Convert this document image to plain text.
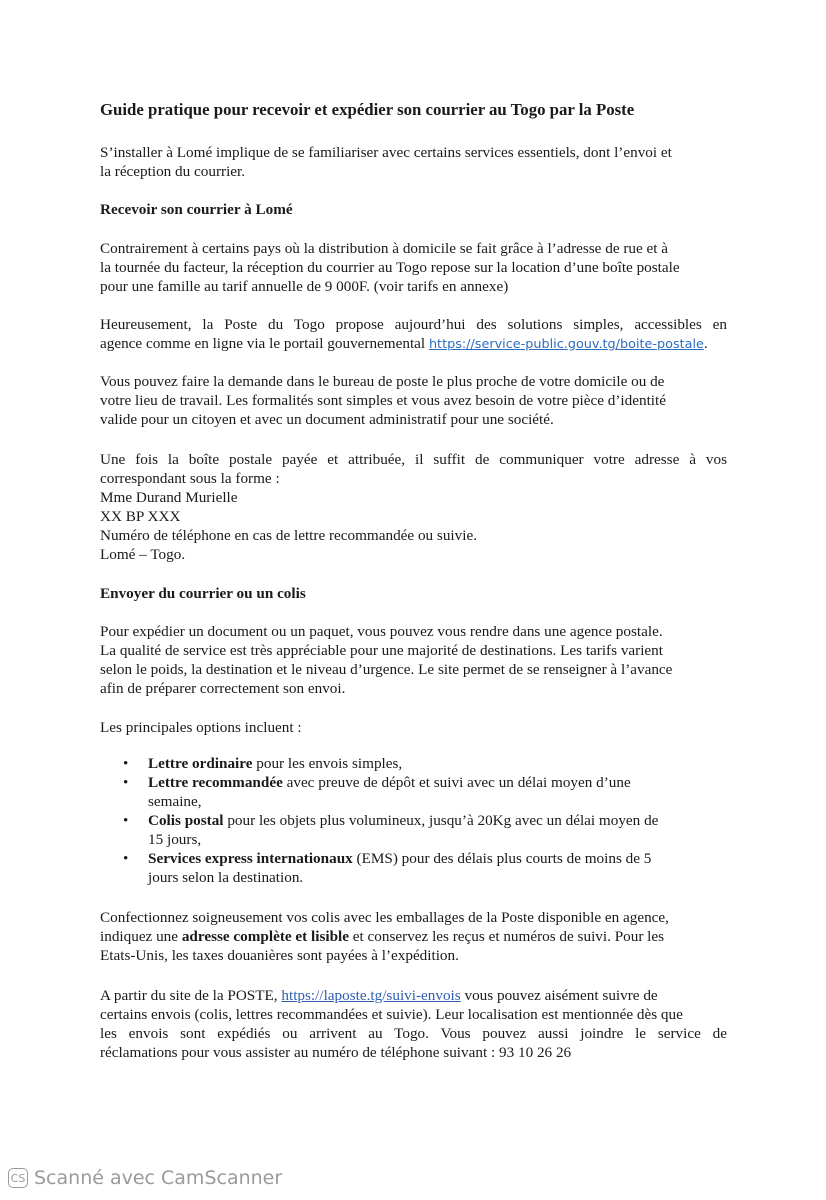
Guide pratique pour recevoir et expédier son courrier au Togo par la Poste

S’installer à Lomé implique de se familiariser avec certains services essentiels, dont l’envoi et
la réception du courrier.

Recevoir son courrier à Lomé

Contrairement à certains pays où la distribution à domicile se fait grâce à l’adresse de rue et à
la tournée du facteur, la réception du courrier au Togo repose sur la location d’une boîte postale
pour une famille au tarif annuelle de 9 000F. (voir tarifs en annexe)

Heureusement, la Poste du Togo propose aujourd’hui des solutions simples, accessibles en
agence comme en ligne via le portail gouvernemental https://service-public.gouv.tg/boite-postale.

Vous pouvez faire la demande dans le bureau de poste le plus proche de votre domicile ou de
votre lieu de travail. Les formalités sont simples et vous avez besoin de votre pièce d’identité
valide pour un citoyen et avec un document administratif pour une société.

Une fois la boîte postale payée et attribuée, il suffit de communiquer votre adresse à vos
correspondant sous la forme :
Mme Durand Murielle
XX BP XXX
Numéro de téléphone en cas de lettre recommandée ou suivie.
Lomé – Togo.

Envoyer du courrier ou un colis

Pour expédier un document ou un paquet, vous pouvez vous rendre dans une agence postale.
La qualité de service est très appréciable pour une majorité de destinations. Les tarifs varient
selon le poids, la destination et le niveau d’urgence. Le site permet de se renseigner à l’avance
afin de préparer correctement son envoi.

Les principales options incluent :

• Lettre ordinaire pour les envois simples,
• Lettre recommandée avec preuve de dépôt et suivi avec un délai moyen d’une
semaine,
• Colis postal pour les objets plus volumineux, jusqu’à 20Kg avec un délai moyen de
15 jours,
• Services express internationaux (EMS) pour des délais plus courts de moins de 5
jours selon la destination.

Confectionnez soigneusement vos colis avec les emballages de la Poste disponible en agence,
indiquez une adresse complète et lisible et conservez les reçus et numéros de suivi. Pour les
Etats-Unis, les taxes douanières sont payées à l’expédition.

A partir du site de la POSTE, https://laposte.tg/suivi-envois vous pouvez aisément suivre de
certains envois (colis, lettres recommandées et suivie). Leur localisation est mentionnée dès que
les envois sont expédiés ou arrivent au Togo. Vous pouvez aussi joindre le service de
réclamations pour vous assister au numéro de téléphone suivant : 93 10 26 26

CS Scanné avec CamScanner
